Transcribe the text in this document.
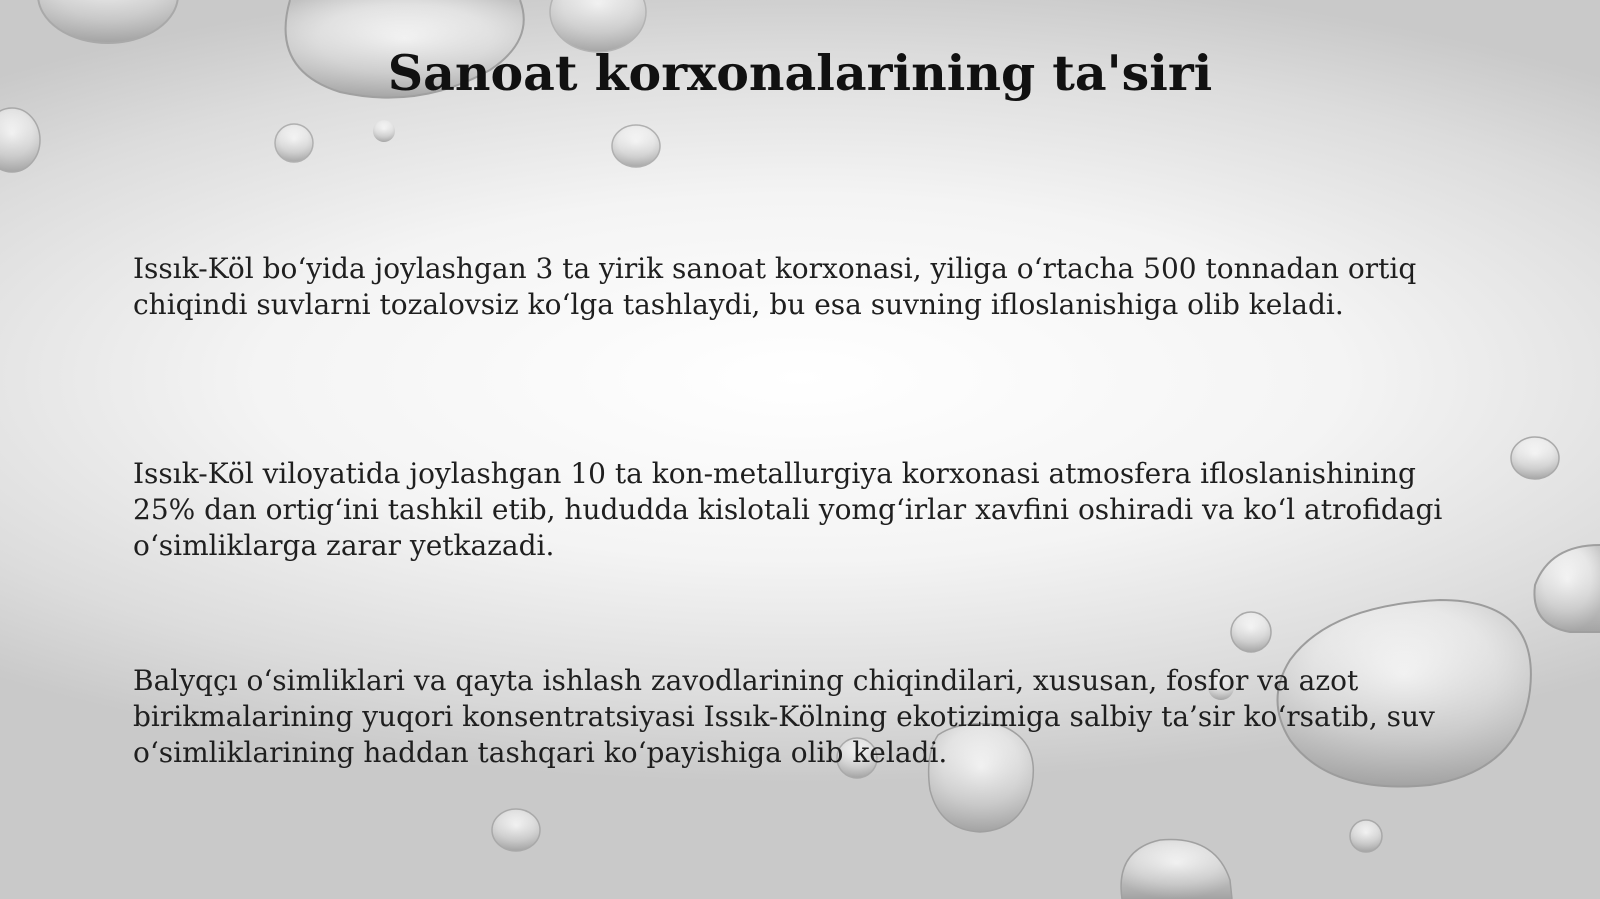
Sanoat korxonalarining ta'siri

Issık-Köl bo‘yida joylashgan 3 ta yirik sanoat korxonasi, yiliga o‘rtacha 500 tonnadan ortiq chiqindi suvlarni tozalovsiz ko‘lga tashlaydi, bu esa suvning ifloslanishiga olib keladi.

Issık-Köl viloyatida joylashgan 10 ta kon-metallurgiya korxonasi atmosfera ifloslanishining 25% dan ortig‘ini tashkil etib, hududda kislotali yomg‘irlar xavfini oshiradi va ko‘l atrofidagi o‘simliklarga zarar yetkazadi.

Balyqçı o‘simliklari va qayta ishlash zavodlarining chiqindilari, xususan, fosfor va azot birikmalarining yuqori konsentratsiyasi Issık-Kölning ekotizimiga salbiy ta’sir ko‘rsatib, suv o‘simliklarining haddan tashqari ko‘payishiga olib keladi.
